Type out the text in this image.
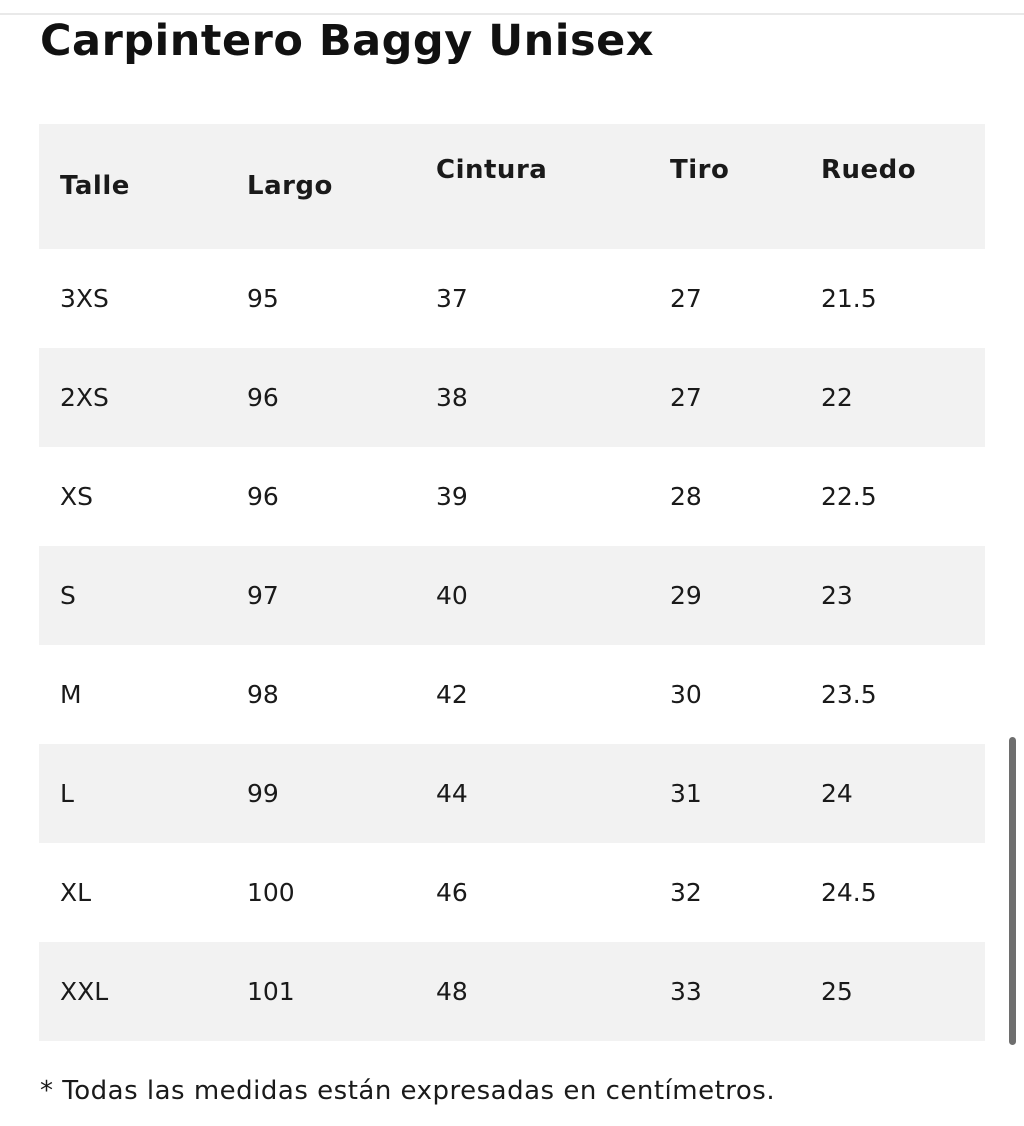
Carpintero Baggy Unisex
Talle	Largo	Cintura	Tiro	Ruedo
3XS	95	37	27	21.5
2XS	96	38	27	22
XS	96	39	28	22.5
S	97	40	29	23
M	98	42	30	23.5
L	99	44	31	24
XL	100	46	32	24.5
XXL	101	48	33	25

* Todas las medidas están expresadas en centímetros.
